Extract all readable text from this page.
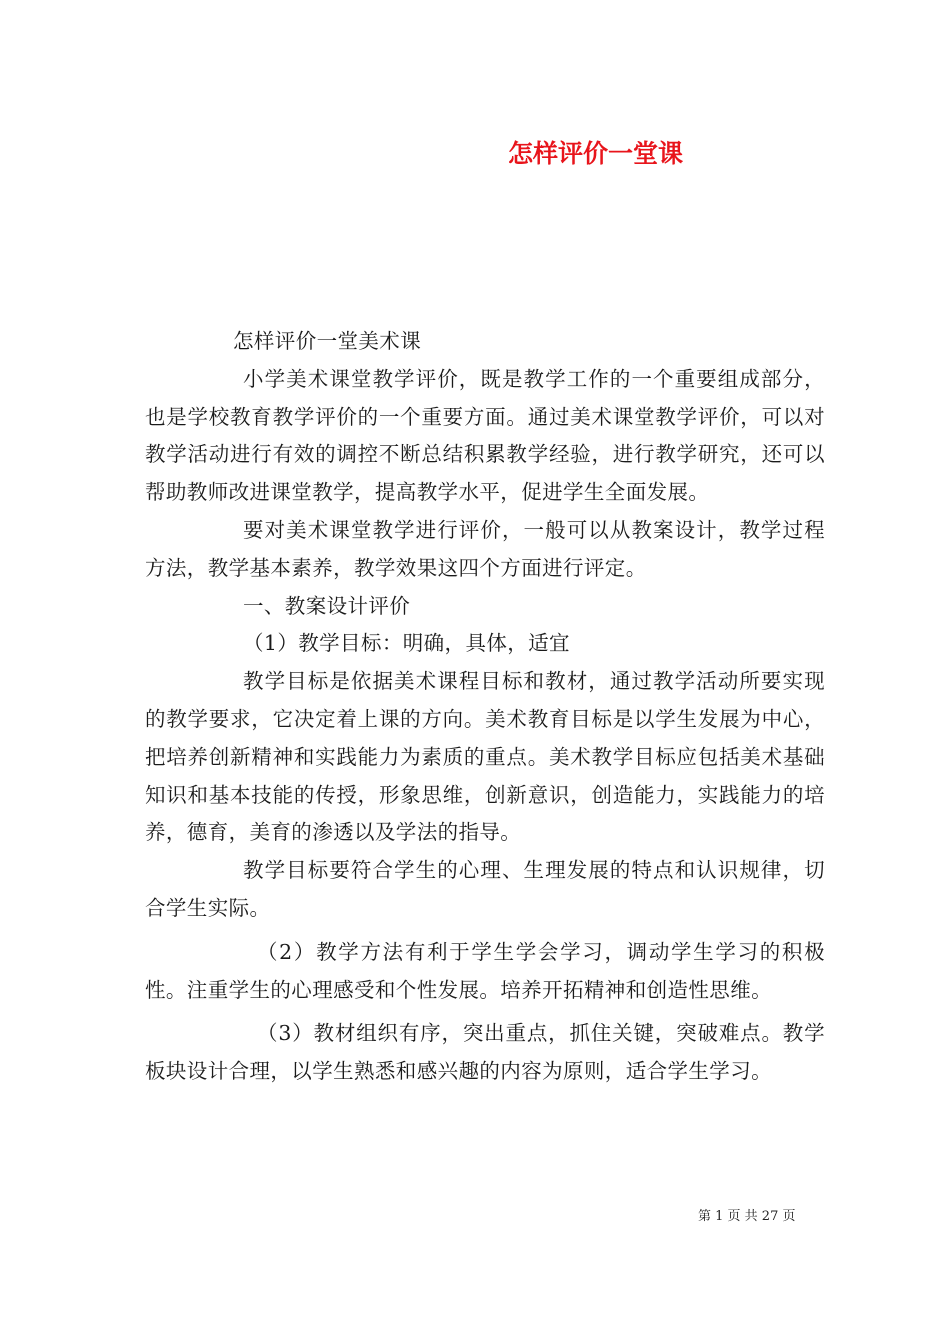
怎样评价一堂课

怎样评价一堂美术课

小学美术课堂教学评价，既是教学工作的一个重要组成部分，也是学校教育教学评价的一个重要方面。通过美术课堂教学评价，可以对教学活动进行有效的调控不断总结积累教学经验，进行教学研究，还可以帮助教师改进课堂教学，提高教学水平，促进学生全面发展。

要对美术课堂教学进行评价，一般可以从教案设计，教学过程方法，教学基本素养，教学效果这四个方面进行评定。

一、教案设计评价

（1）教学目标：明确，具体，适宜

教学目标是依据美术课程目标和教材，通过教学活动所要实现的教学要求，它决定着上课的方向。美术教育目标是以学生发展为中心，把培养创新精神和实践能力为素质的重点。美术教学目标应包括美术基础知识和基本技能的传授，形象思维，创新意识，创造能力，实践能力的培养，德育，美育的渗透以及学法的指导。

教学目标要符合学生的心理、生理发展的特点和认识规律，切合学生实际。

（2）教学方法有利于学生学会学习，调动学生学习的积极性。注重学生的心理感受和个性发展。培养开拓精神和创造性思维。

（3）教材组织有序，突出重点，抓住关键，突破难点。教学板块设计合理，以学生熟悉和感兴趣的内容为原则，适合学生学习。

第 1 页 共 27 页
